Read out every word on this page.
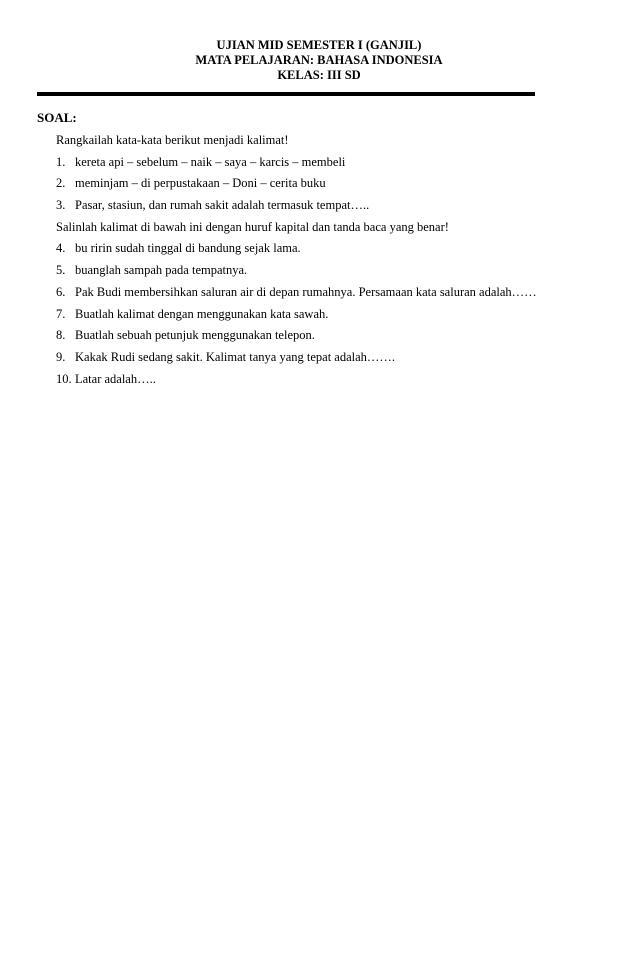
UJIAN MID SEMESTER I (GANJIL)
MATA PELAJARAN: BAHASA INDONESIA
KELAS: III SD
SOAL:
Rangkailah kata-kata berikut menjadi kalimat!
1. kereta api – sebelum – naik – saya – karcis – membeli
2. meminjam – di perpustakaan – Doni – cerita buku
3. Pasar, stasiun, dan rumah sakit adalah termasuk tempat…..
Salinlah kalimat di bawah ini dengan huruf kapital dan tanda baca yang benar!
4. bu ririn sudah tinggal di bandung sejak lama.
5. buanglah sampah pada tempatnya.
6. Pak Budi membersihkan saluran air di depan rumahnya. Persamaan kata saluran adalah……
7. Buatlah kalimat dengan menggunakan kata sawah.
8. Buatlah sebuah petunjuk menggunakan telepon.
9. Kakak Rudi sedang sakit. Kalimat tanya yang tepat adalah…….
10. Latar adalah…..
